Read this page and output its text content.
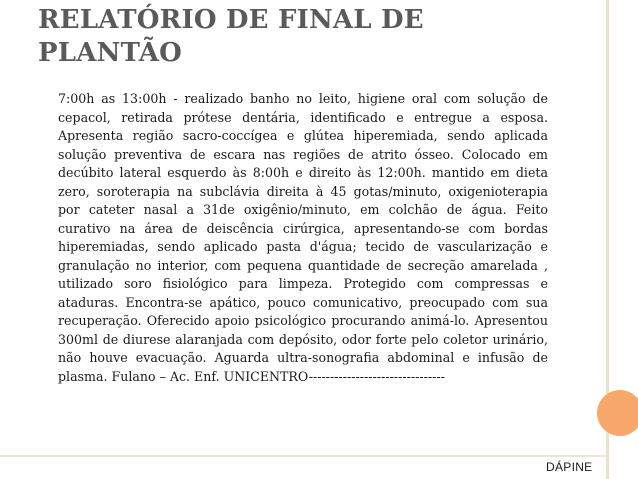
RELATÓRIO DE FINAL DE PLANTÃO

7:00h as 13:00h - realizado banho no leito, higiene oral com solução de cepacol, retirada prótese dentária, identificado e entregue a esposa. Apresenta região sacro-coccígea e glútea hiperemiada, sendo aplicada solução preventiva de escara nas regiões de atrito ósseo. Colocado em decúbito lateral esquerdo às 8:00h e direito às 12:00h. mantido em dieta zero, soroterapia na subclávia direita à 45 gotas/minuto, oxigenioterapia por cateter nasal a 31de oxigênio/minuto, em colchão de água. Feito curativo na área de deiscência cirúrgica, apresentando-se com bordas hiperemiadas, sendo aplicado pasta d'água; tecido de vascularização e granulação no interior, com pequena quantidade de secreção amarelada , utilizado soro fisiológico para limpeza. Protegido com compressas e ataduras. Encontra-se apático, pouco comunicativo, preocupado com sua recuperação. Oferecido apoio psicológico procurando animá-lo. Apresentou 300ml de diurese alaranjada com depósito, odor forte pelo coletor urinário, não houve evacuação. Aguarda ultra-sonografia abdominal e infusão de plasma. Fulano – Ac. Enf. UNICENTRO--------------------------------

DÁPINE
